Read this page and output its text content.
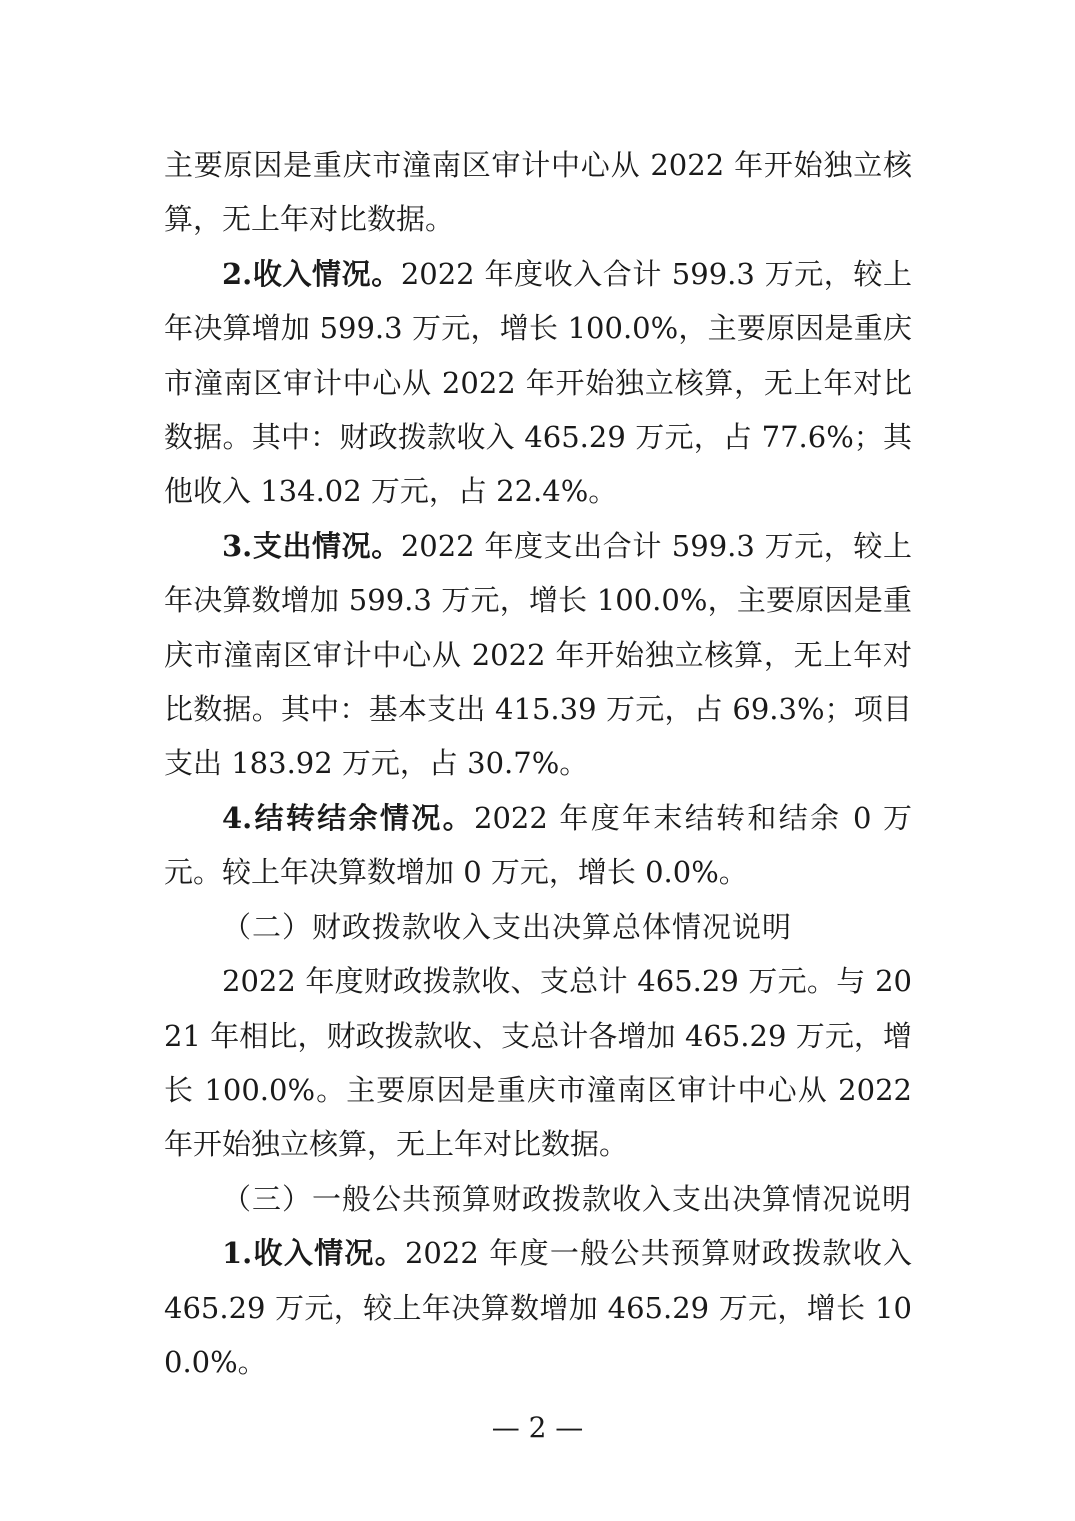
主要原因是重庆市潼南区审计中心从 2022 年开始独立核算，无上年对比数据。

2.收入情况。2022 年度收入合计 599.3 万元，较上年决算增加 599.3 万元，增长 100.0%，主要原因是重庆市潼南区审计中心从 2022 年开始独立核算，无上年对比数据。其中：财政拨款收入 465.29 万元，占 77.6%；其他收入 134.02 万元，占 22.4%。

3.支出情况。2022 年度支出合计 599.3 万元，较上年决算数增加 599.3 万元，增长 100.0%，主要原因是重庆市潼南区审计中心从 2022 年开始独立核算，无上年对比数据。其中：基本支出 415.39 万元，占 69.3%；项目支出 183.92 万元，占 30.7%。

4.结转结余情况。2022 年度年末结转和结余 0 万元。较上年决算数增加 0 万元，增长 0.0%。

（二）财政拨款收入支出决算总体情况说明

2022 年度财政拨款收、支总计 465.29 万元。与 2021 年相比，财政拨款收、支总计各增加 465.29 万元，增长 100.0%。主要原因是重庆市潼南区审计中心从 2022 年开始独立核算，无上年对比数据。

（三）一般公共预算财政拨款收入支出决算情况说明

1.收入情况。2022 年度一般公共预算财政拨款收入 465.29 万元，较上年决算数增加 465.29 万元，增长 100.0%。

— 2 —
